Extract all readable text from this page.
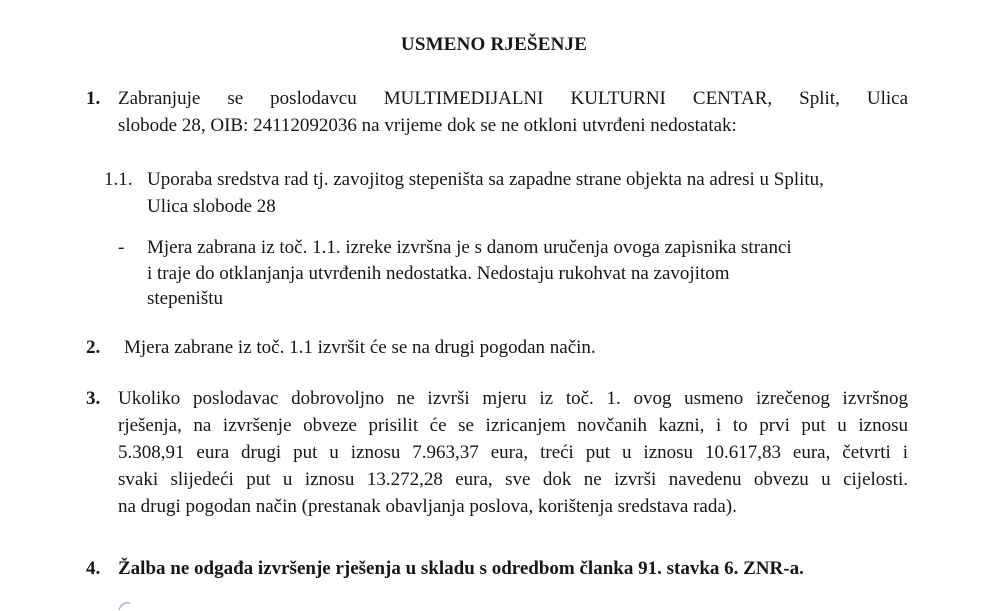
USMENO RJEŠENJE
1. Zabranjuje se poslodavcu MULTIMEDIJALNI KULTURNI CENTAR, Split, Ulica
slobode 28, OIB: 24112092036 na vrijeme dok se ne otkloni utvrđeni nedostatak:
1.1. Uporaba sredstva rad tj. zavojitog stepeništa sa zapadne strane objekta na adresi u Splitu,
Ulica slobode 28
- Mjera zabrana iz toč. 1.1. izreke izvršna je s danom uručenja ovoga zapisnika stranci
i traje do otklanjanja utvrđenih nedostatka. Nedostaju rukohvat na zavojitom
stepeništu
2. Mjera zabrane iz toč. 1.1 izvršit će se na drugi pogodan način.
3. Ukoliko poslodavac dobrovoljno ne izvrši mjeru iz toč. 1. ovog usmeno izrečenog izvršnog
rješenja, na izvršenje obveze prisilit će se izricanjem novčanih kazni, i to prvi put u iznosu
5.308,91 eura drugi put u iznosu 7.963,37 eura, treći put u iznosu 10.617,83 eura, četvrti i
svaki slijedeći put u iznosu 13.272,28 eura, sve dok ne izvrši navedenu obvezu u cijelosti.
na drugi pogodan način (prestanak obavljanja poslova, korištenja sredstava rada).
4. Žalba ne odgađa izvršenje rješenja u skladu s odredbom članka 91. stavka 6. ZNR-a.
